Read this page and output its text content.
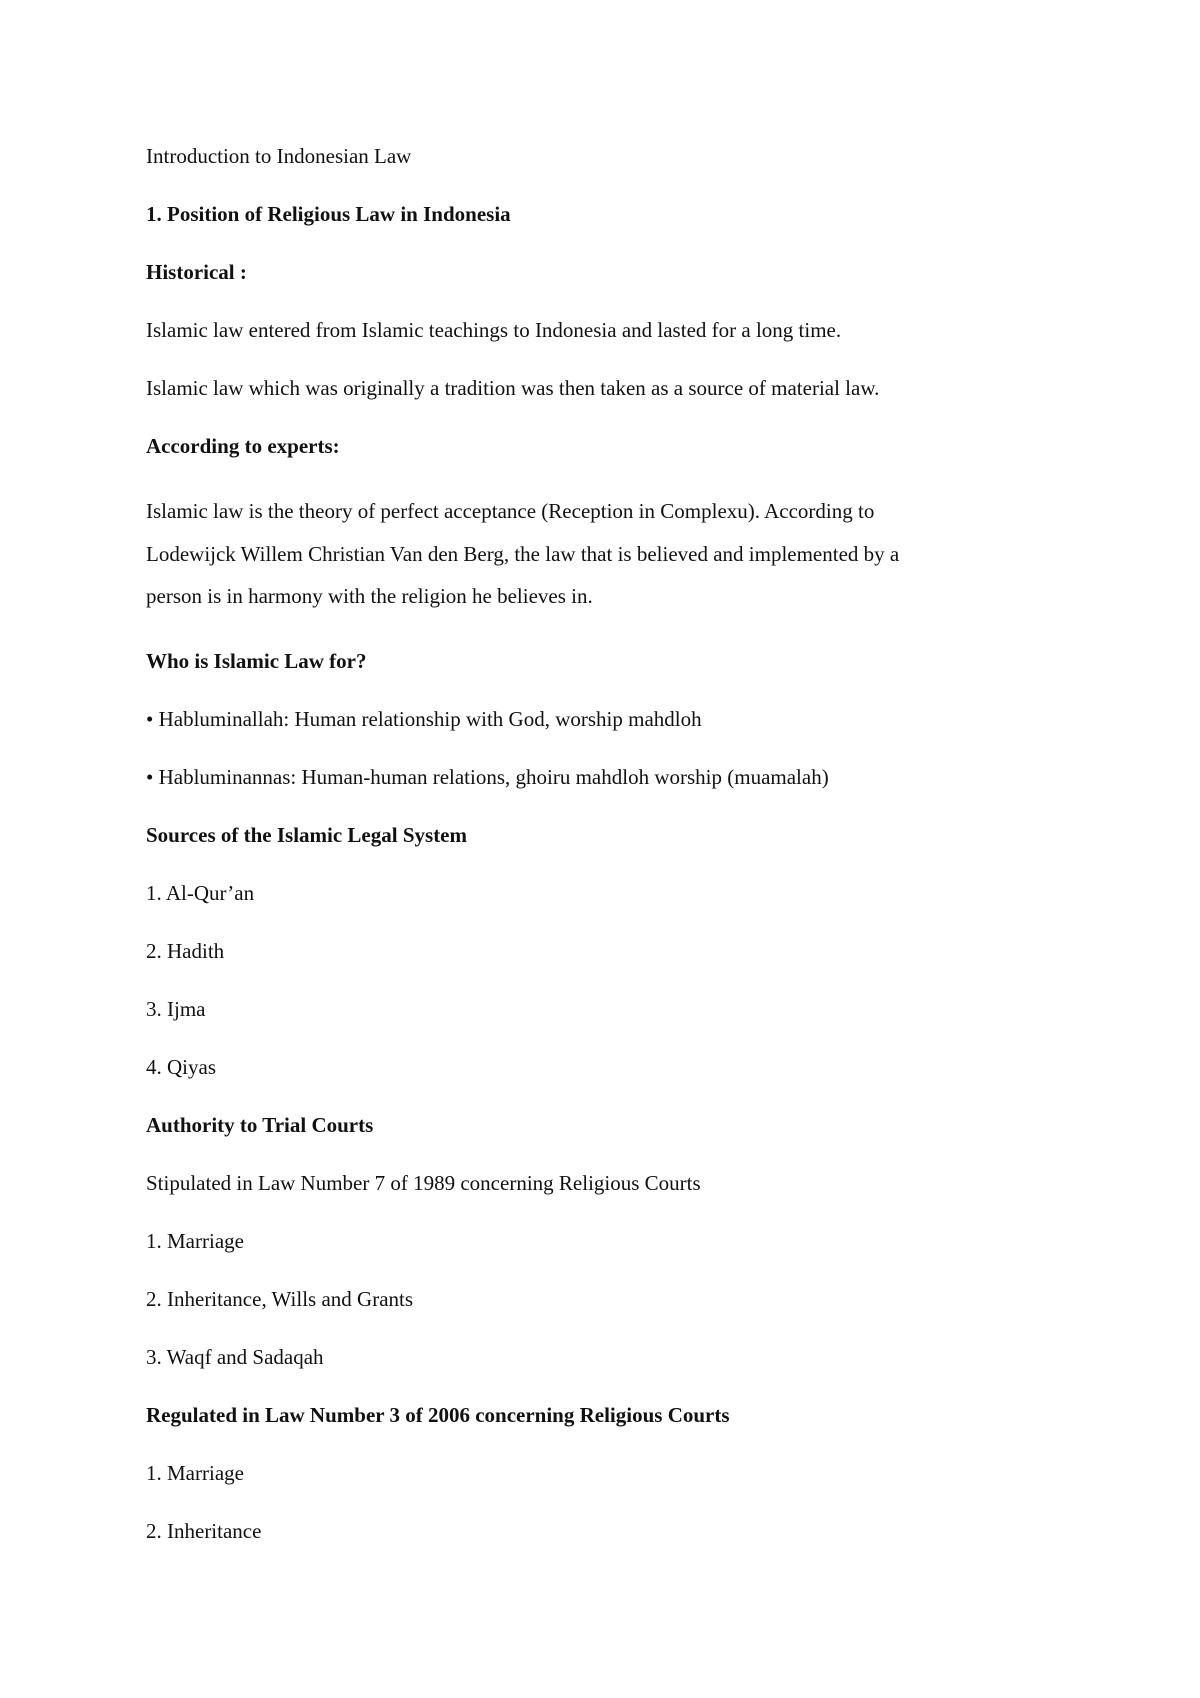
Introduction to Indonesian Law
1. Position of Religious Law in Indonesia
Historical :
Islamic law entered from Islamic teachings to Indonesia and lasted for a long time.
Islamic law which was originally a tradition was then taken as a source of material law.
According to experts:
Islamic law is the theory of perfect acceptance (Reception in Complexu). According to
Lodewijck Willem Christian Van den Berg, the law that is believed and implemented by a
person is in harmony with the religion he believes in.
Who is Islamic Law for?
• Habluminallah: Human relationship with God, worship mahdloh
• Habluminannas: Human-human relations, ghoiru mahdloh worship (muamalah)
Sources of the Islamic Legal System
1. Al-Qur’an
2. Hadith
3. Ijma
4. Qiyas
Authority to Trial Courts
Stipulated in Law Number 7 of 1989 concerning Religious Courts
1. Marriage
2. Inheritance, Wills and Grants
3. Waqf and Sadaqah
Regulated in Law Number 3 of 2006 concerning Religious Courts
1. Marriage
2. Inheritance
